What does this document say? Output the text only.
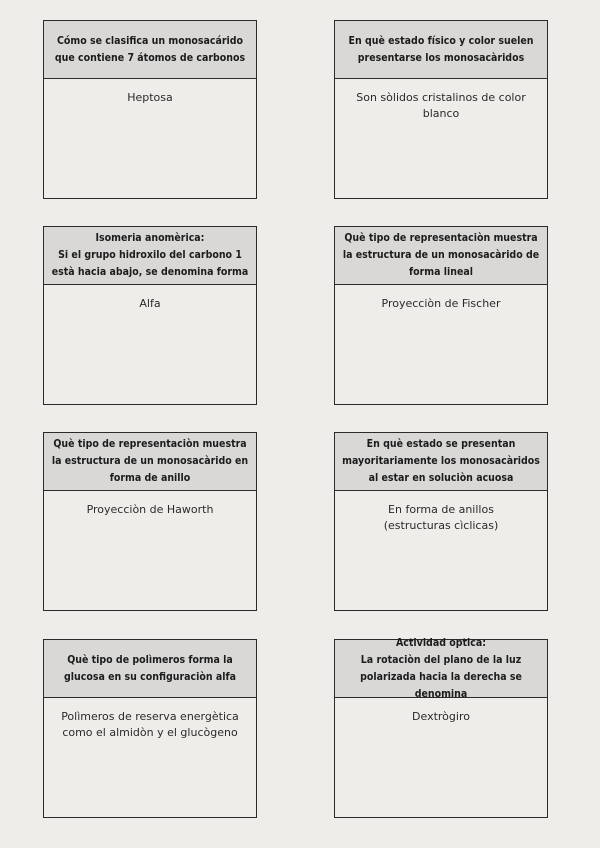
Cómo se clasifica un monosacárido que contiene 7 átomos de carbonos
Heptosa
En què estado físico y color suelen presentarse los monosacàridos
Son sòlidos cristalinos de color
blanco
Isomeria anomèrica:
Si el grupo hidroxilo del carbono 1 està hacia abajo, se denomina forma
Alfa
Què tipo de representaciòn muestra la estructura de un monosacàrido de forma lineal
Proyecciòn de Fischer
Què tipo de representaciòn muestra la estructura de un monosacàrido en forma de anillo
Proyecciòn de Haworth
En què estado se presentan mayoritariamente los monosacàridos al estar en soluciòn acuosa
En forma de anillos
(estructuras cìclicas)
Què tipo de polìmeros forma la glucosa en su configuraciòn alfa
Polìmeros de reserva energètica
como el almidòn y el glucògeno
Actividad optica:
La rotaciòn del plano de la luz polarizada hacia la derecha se denomina
Dextrògiro
